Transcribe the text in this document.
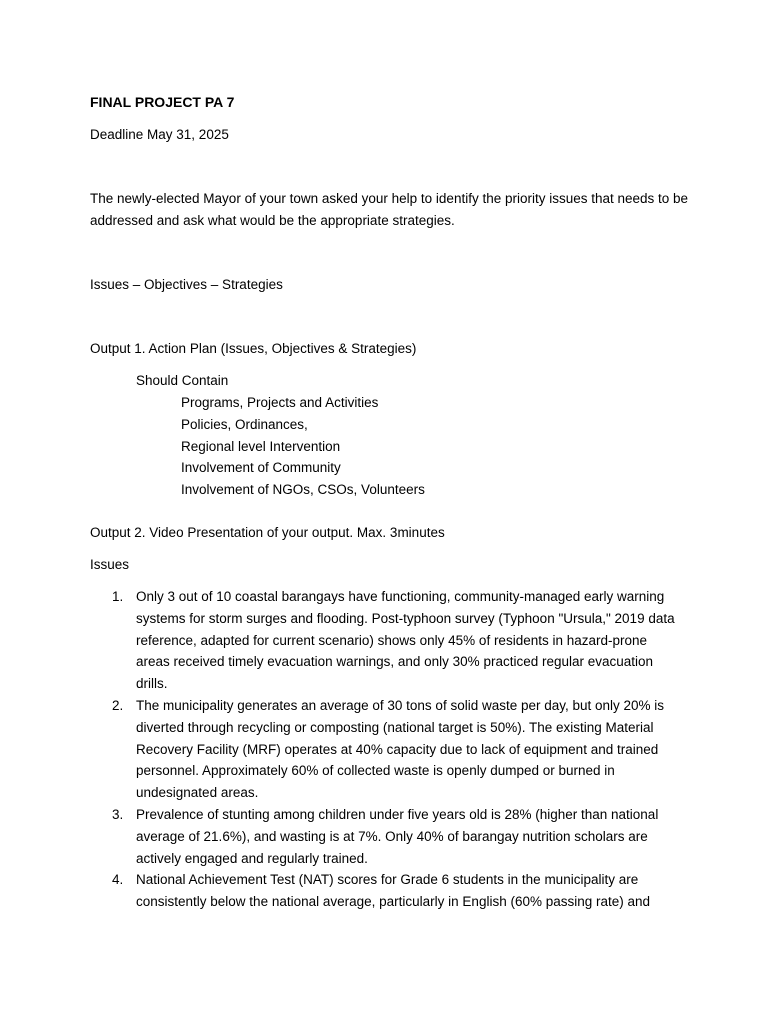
FINAL PROJECT PA 7
Deadline May 31, 2025
The newly-elected Mayor of your town asked your help to identify the priority issues that needs to be addressed and ask what would be the appropriate strategies.
Issues – Objectives – Strategies
Output 1. Action Plan (Issues, Objectives & Strategies)
Should Contain
Programs, Projects and Activities
Policies, Ordinances,
Regional level Intervention
Involvement of Community
Involvement of NGOs, CSOs, Volunteers
Output 2. Video Presentation of your output. Max. 3minutes
Issues
1. Only 3 out of 10 coastal barangays have functioning, community-managed early warning systems for storm surges and flooding. Post-typhoon survey (Typhoon "Ursula," 2019 data reference, adapted for current scenario) shows only 45% of residents in hazard-prone areas received timely evacuation warnings, and only 30% practiced regular evacuation drills.
2. The municipality generates an average of 30 tons of solid waste per day, but only 20% is diverted through recycling or composting (national target is 50%). The existing Material Recovery Facility (MRF) operates at 40% capacity due to lack of equipment and trained personnel. Approximately 60% of collected waste is openly dumped or burned in undesignated areas.
3. Prevalence of stunting among children under five years old is 28% (higher than national average of 21.6%), and wasting is at 7%. Only 40% of barangay nutrition scholars are actively engaged and regularly trained.
4. National Achievement Test (NAT) scores for Grade 6 students in the municipality are consistently below the national average, particularly in English (60% passing rate) and
